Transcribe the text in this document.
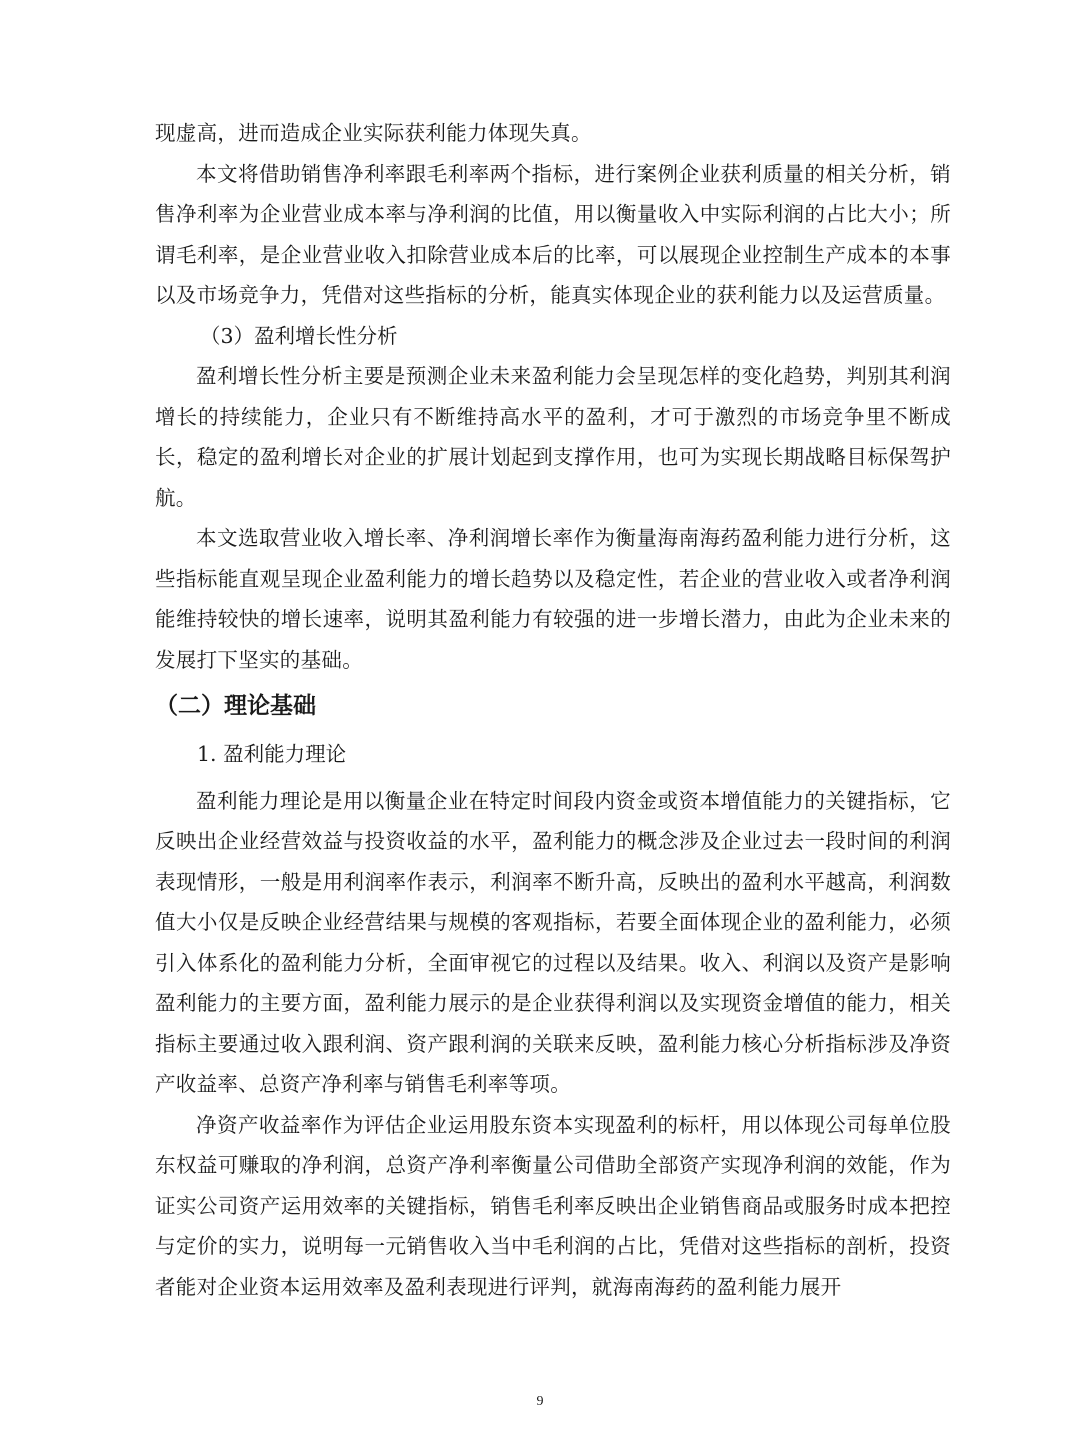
现虚高，进而造成企业实际获利能力体现失真。

本文将借助销售净利率跟毛利率两个指标，进行案例企业获利质量的相关分析，销售净利率为企业营业成本率与净利润的比值，用以衡量收入中实际利润的占比大小；所谓毛利率，是企业营业收入扣除营业成本后的比率，可以展现企业控制生产成本的本事以及市场竞争力，凭借对这些指标的分析，能真实体现企业的获利能力以及运营质量。

（3）盈利增长性分析

盈利增长性分析主要是预测企业未来盈利能力会呈现怎样的变化趋势，判别其利润增长的持续能力，企业只有不断维持高水平的盈利，才可于激烈的市场竞争里不断成长，稳定的盈利增长对企业的扩展计划起到支撑作用，也可为实现长期战略目标保驾护航。

本文选取营业收入增长率、净利润增长率作为衡量海南海药盈利能力进行分析，这些指标能直观呈现企业盈利能力的增长趋势以及稳定性，若企业的营业收入或者净利润能维持较快的增长速率，说明其盈利能力有较强的进一步增长潜力，由此为企业未来的发展打下坚实的基础。

（二）理论基础

1. 盈利能力理论

盈利能力理论是用以衡量企业在特定时间段内资金或资本增值能力的关键指标，它反映出企业经营效益与投资收益的水平，盈利能力的概念涉及企业过去一段时间的利润表现情形，一般是用利润率作表示，利润率不断升高，反映出的盈利水平越高，利润数值大小仅是反映企业经营结果与规模的客观指标，若要全面体现企业的盈利能力，必须引入体系化的盈利能力分析，全面审视它的过程以及结果。收入、利润以及资产是影响盈利能力的主要方面，盈利能力展示的是企业获得利润以及实现资金增值的能力，相关指标主要通过收入跟利润、资产跟利润的关联来反映，盈利能力核心分析指标涉及净资产收益率、总资产净利率与销售毛利率等项。

净资产收益率作为评估企业运用股东资本实现盈利的标杆，用以体现公司每单位股东权益可赚取的净利润，总资产净利率衡量公司借助全部资产实现净利润的效能，作为证实公司资产运用效率的关键指标，销售毛利率反映出企业销售商品或服务时成本把控与定价的实力，说明每一元销售收入当中毛利润的占比，凭借对这些指标的剖析，投资者能对企业资本运用效率及盈利表现进行评判，就海南海药的盈利能力展开

9
